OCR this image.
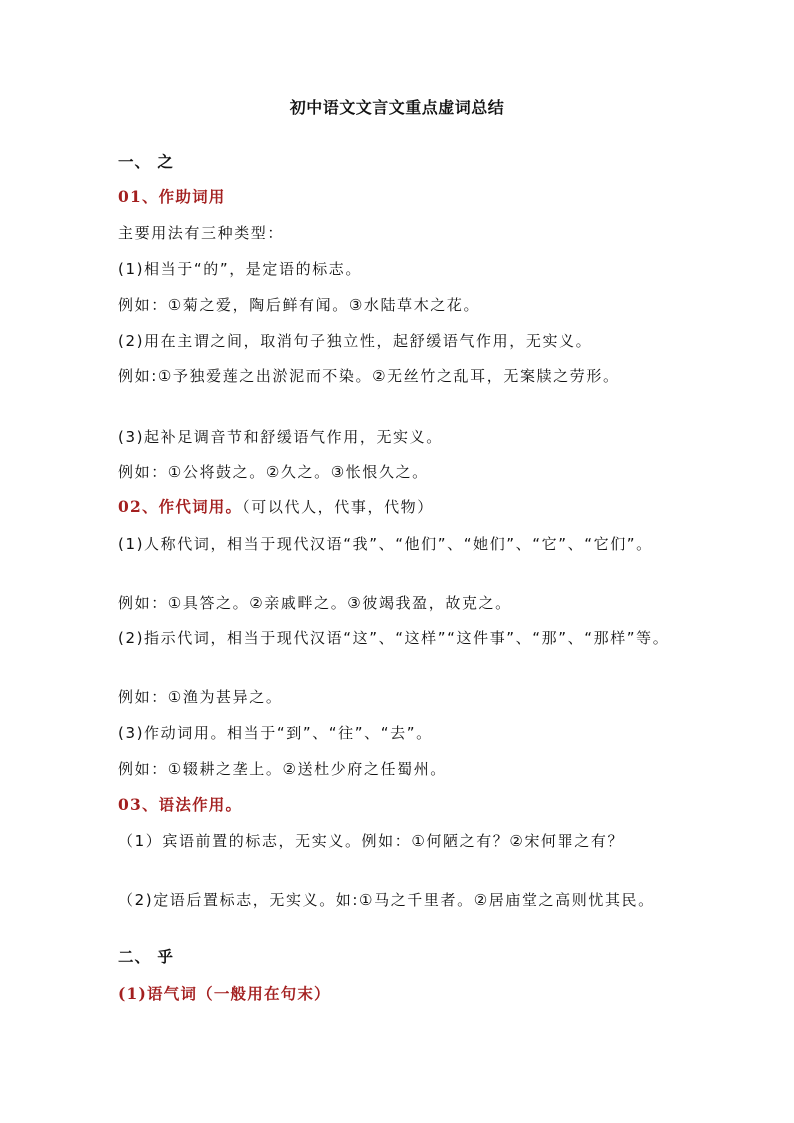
初中语文文言文重点虚词总结
一、 之
01、作助词用
主要用法有三种类型：
(1)相当于“的”，是定语的标志。
例如：①菊之爱，陶后鲜有闻。③水陆草木之花。
(2)用在主谓之间，取消句子独立性，起舒缓语气作用，无实义。
例如:①予独爱莲之出淤泥而不染。②无丝竹之乱耳，无案牍之劳形。
(3)起补足调音节和舒缓语气作用，无实义。
例如：①公将鼓之。②久之。③怅恨久之。
02、作代词用。（可以代人，代事，代物）
(1)人称代词，相当于现代汉语“我”、“他们”、“她们”、“它”、“它们”。
例如：①具答之。②亲戚畔之。③彼竭我盈，故克之。
(2)指示代词，相当于现代汉语“这”、“这样”“这件事”、“那”、“那样”等。
例如：①渔为甚异之。
(3)作动词用。相当于“到”、“往”、“去”。
例如：①辍耕之垄上。②送杜少府之任蜀州。
03、语法作用。
（1）宾语前置的标志，无实义。例如：①何陋之有？②宋何罪之有？
（2)定语后置标志，无实义。如:①马之千里者。②居庙堂之高则忧其民。
二、 乎
(1)语气词（一般用在句末）
